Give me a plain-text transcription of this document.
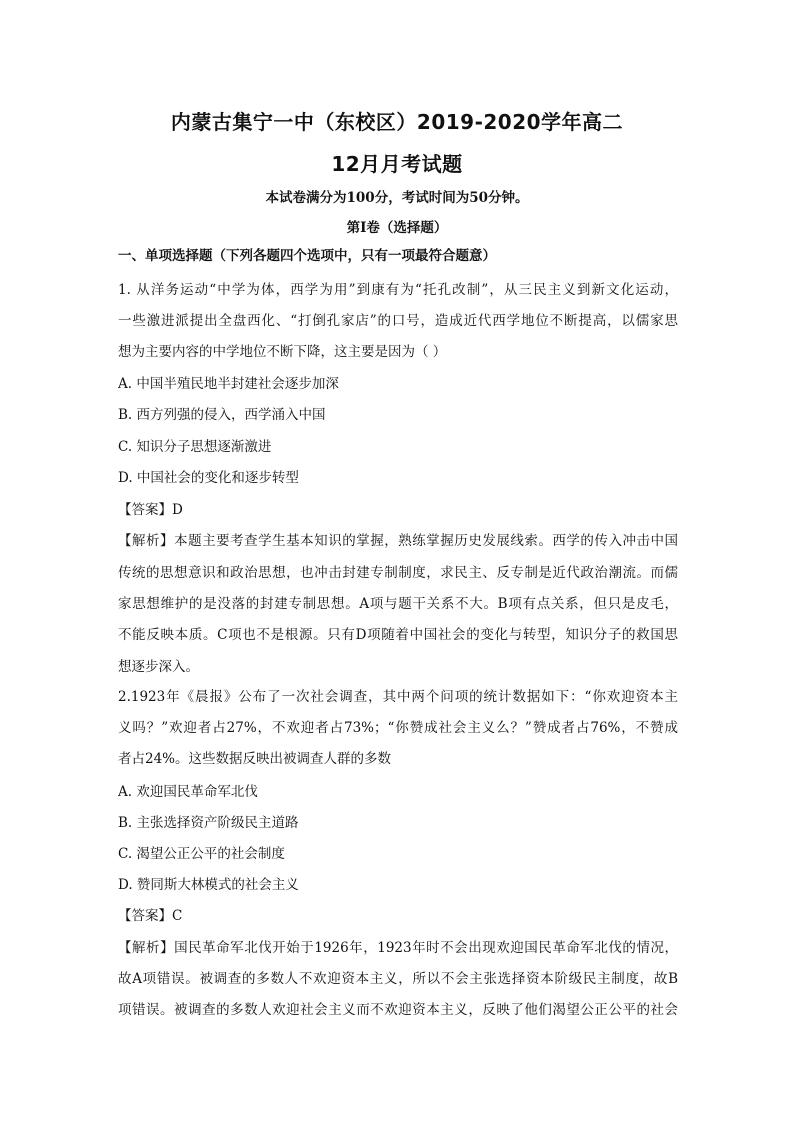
内蒙古集宁一中（东校区）2019-2020学年高二
12月月考试题
本试卷满分为100分，考试时间为50分钟。
第Ⅰ卷（选择题）
一、单项选择题（下列各题四个选项中，只有一项最符合题意）
1. 从洋务运动“中学为体，西学为用”到康有为“托孔改制”，从三民主义到新文化运动，
一些激进派提出全盘西化、“打倒孔家店”的口号，造成近代西学地位不断提高，以儒家思
想为主要内容的中学地位不断下降，这主要是因为（ ）
A. 中国半殖民地半封建社会逐步加深
B. 西方列强的侵入，西学涌入中国
C. 知识分子思想逐渐激进
D. 中国社会的变化和逐步转型
【答案】D
【解析】本题主要考查学生基本知识的掌握，熟练掌握历史发展线索。西学的传入冲击中国
传统的思想意识和政治思想，也冲击封建专制制度，求民主、反专制是近代政治潮流。而儒
家思想维护的是没落的封建专制思想。A项与题干关系不大。B项有点关系，但只是皮毛，
不能反映本质。C项也不是根源。只有D项随着中国社会的变化与转型，知识分子的救国思
想逐步深入。
2.1923年《晨报》公布了一次社会调查，其中两个问项的统计数据如下：“你欢迎资本主
义吗？”欢迎者占27%，不欢迎者占73%；“你赞成社会主义么？”赞成者占76%，不赞成
者占24%。这些数据反映出被调查人群的多数
A. 欢迎国民革命军北伐
B. 主张选择资产阶级民主道路
C. 渴望公正公平的社会制度
D. 赞同斯大林模式的社会主义
【答案】C
【解析】国民革命军北伐开始于1926年，1923年时不会出现欢迎国民革命军北伐的情况，
故A项错误。被调查的多数人不欢迎资本主义，所以不会主张选择资本阶级民主制度，故B
项错误。被调查的多数人欢迎社会主义而不欢迎资本主义，反映了他们渴望公正公平的社会
